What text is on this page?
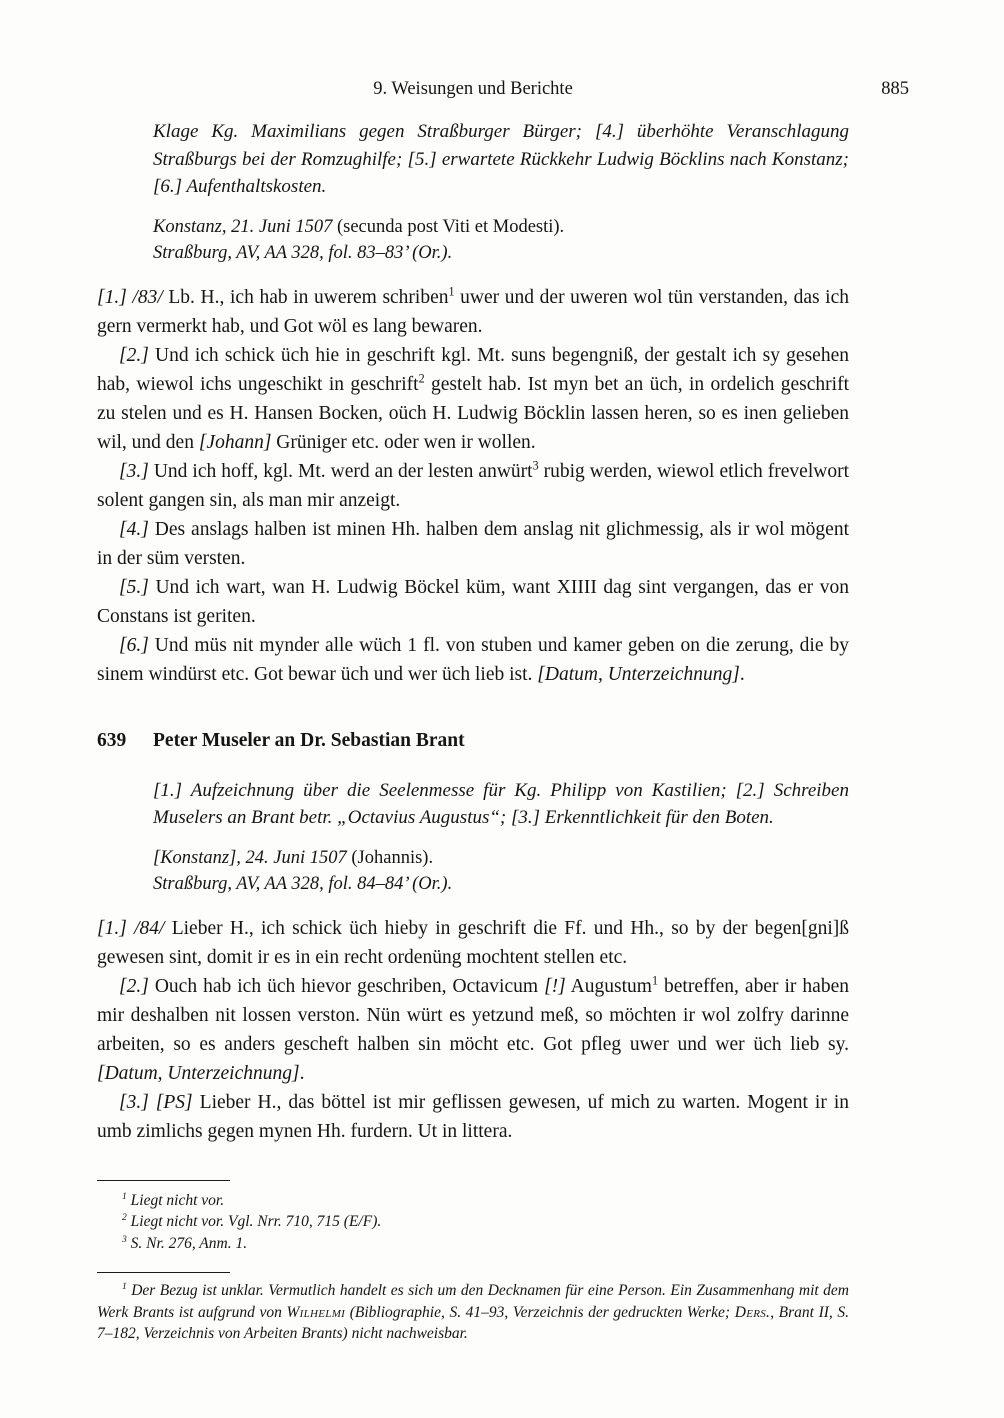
9. Weisungen und Berichte	885

Klage Kg. Maximilians gegen Straßburger Bürger; [4.] überhöhte Veranschlagung Straßburgs bei der Romzughilfe; [5.] erwartete Rückkehr Ludwig Böcklins nach Konstanz; [6.] Aufenthaltskosten.

Konstanz, 21. Juni 1507 (secunda post Viti et Modesti).
Straßburg, AV, AA 328, fol. 83–83’ (Or.).

[1.] /83/ Lb. H., ich hab in uwerem schriben$^1$ uwer und der uweren wol tün verstanden, das ich gern vermerkt hab, und Got wöl es lang bewaren.

[2.] Und ich schick üch hie in geschrift kgl. Mt. suns begengniß, der gestalt ich sy gesehen hab, wiewol ichs ungeschikt in geschrift$^2$ gestelt hab. Ist myn bet an üch, in ordelich geschrift zu stelen und es H. Hansen Bocken, oüch H. Ludwig Böcklin lassen heren, so es inen gelieben wil, und den [Johann] Grüniger etc. oder wen ir wollen.

[3.] Und ich hoff, kgl. Mt. werd an der lesten anwürt$^3$ rubig werden, wiewol etlich frevelwort solent gangen sin, als man mir anzeigt.

[4.] Des anslags halben ist minen Hh. halben dem anslag nit glichmessig, als ir wol mögent in der süm versten.

[5.] Und ich wart, wan H. Ludwig Böckel küm, want XIIII dag sint vergangen, das er von Constans ist geriten.

[6.] Und müs nit mynder alle wüch 1 fl. von stuben und kamer geben on die zerung, die by sinem windürst etc. Got bewar üch und wer üch lieb ist. [Datum, Unterzeichnung].

639	Peter Museler an Dr. Sebastian Brant

[1.] Aufzeichnung über die Seelenmesse für Kg. Philipp von Kastilien; [2.] Schreiben Muselers an Brant betr. „Octavius Augustus“; [3.] Erkenntlichkeit für den Boten.

[Konstanz], 24. Juni 1507 (Johannis).
Straßburg, AV, AA 328, fol. 84–84’ (Or.).

[1.] /84/ Lieber H., ich schick üch hieby in geschrift die Ff. und Hh., so by der begen[gni]ß gewesen sint, domit ir es in ein recht ordenüng mochtent stellen etc.

[2.] Ouch hab ich üch hievor geschriben, Octavicum [!] Augustum$^1$ betreffen, aber ir haben mir deshalben nit lossen verston. Nün würt es yetzund meß, so möchten ir wol zolfry darinne arbeiten, so es anders gescheft halben sin möcht etc. Got pfleg uwer und wer üch lieb sy. [Datum, Unterzeichnung].

[3.] [PS] Lieber H., das böttel ist mir geflissen gewesen, uf mich zu warten. Mogent ir in umb zimlichs gegen mynen Hh. furdern. Ut in littera.

$^1$ Liegt nicht vor.
$^2$ Liegt nicht vor. Vgl. Nrr. 710, 715 (E/F).
$^3$ S. Nr. 276, Anm. 1.

$^1$ Der Bezug ist unklar. Vermutlich handelt es sich um den Decknamen für eine Person. Ein Zusammenhang mit dem Werk Brants ist aufgrund von Wilhelmi (Bibliographie, S. 41–93, Verzeichnis der gedruckten Werke; Ders., Brant II, S. 7–182, Verzeichnis von Arbeiten Brants) nicht nachweisbar.
